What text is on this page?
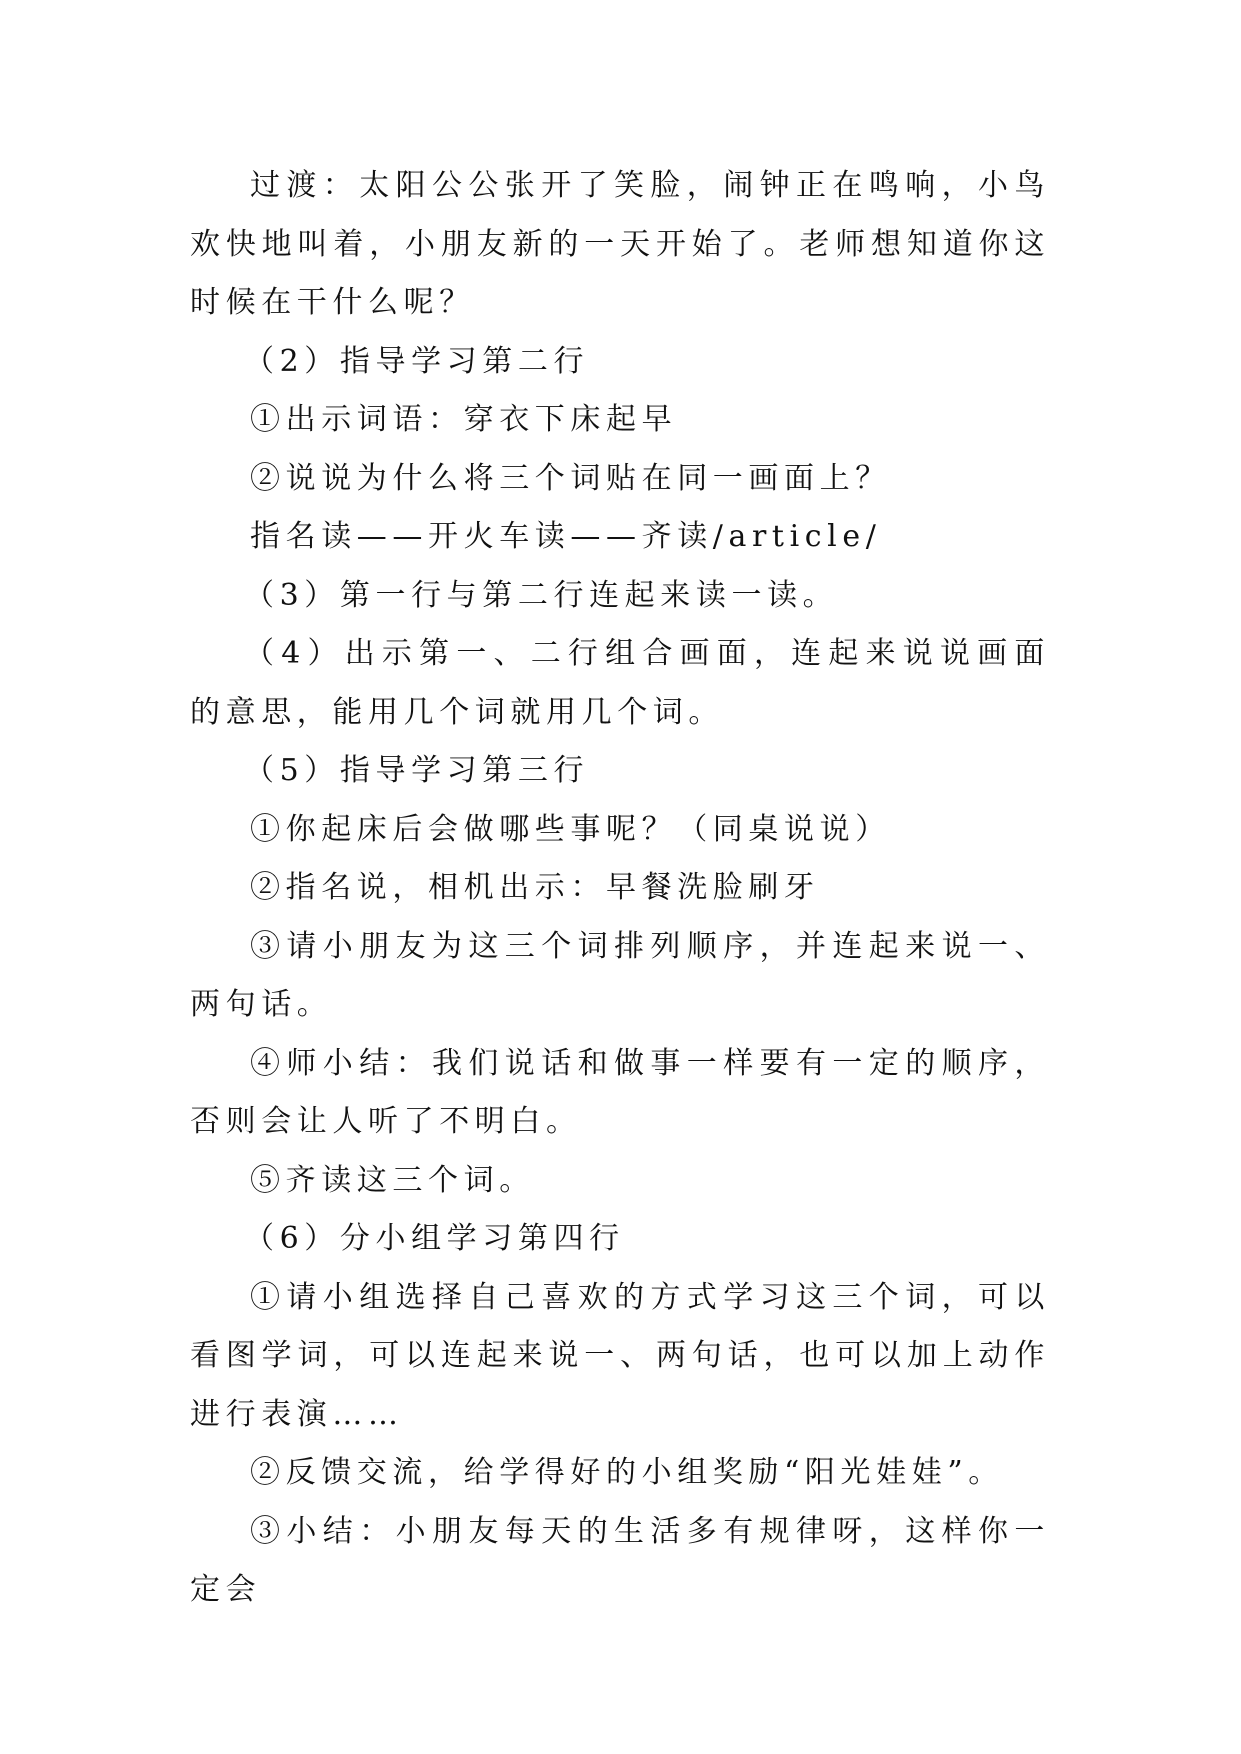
过渡：太阳公公张开了笑脸，闹钟正在鸣响，小鸟欢快地叫着，小朋友新的一天开始了。老师想知道你这时候在干什么呢？

（2）指导学习第二行

①出示词语：穿衣下床起早

②说说为什么将三个词贴在同一画面上？

指名读——开火车读——齐读/article/

（3）第一行与第二行连起来读一读。

（4）出示第一、二行组合画面，连起来说说画面的意思，能用几个词就用几个词。

（5）指导学习第三行

①你起床后会做哪些事呢？（同桌说说）

②指名说，相机出示：早餐洗脸刷牙

③请小朋友为这三个词排列顺序，并连起来说一、两句话。

④师小结：我们说话和做事一样要有一定的顺序，否则会让人听了不明白。

⑤齐读这三个词。

（6）分小组学习第四行

①请小组选择自己喜欢的方式学习这三个词，可以看图学词，可以连起来说一、两句话，也可以加上动作进行表演……

②反馈交流，给学得好的小组奖励“阳光娃娃”。

③小结：小朋友每天的生活多有规律呀，这样你一定会
